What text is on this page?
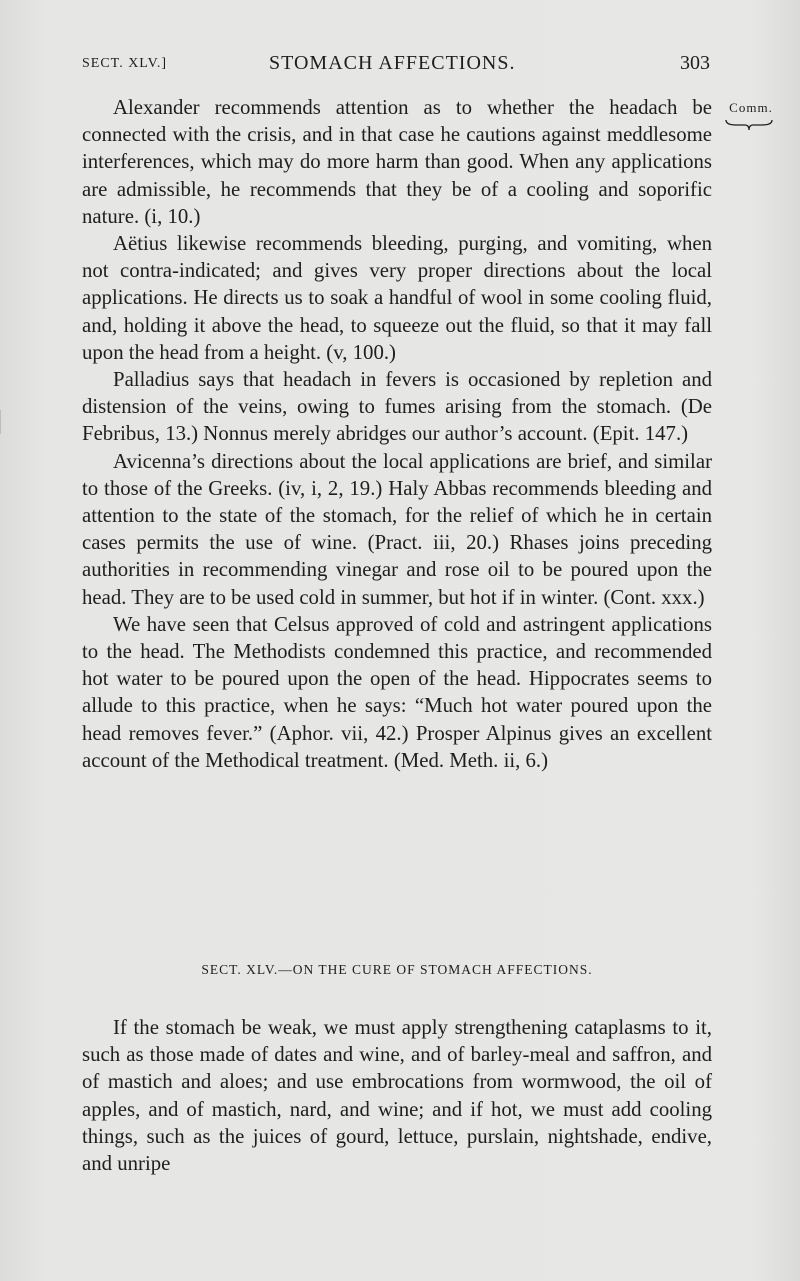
SECT. XLV.]	STOMACH AFFECTIONS.	303
Comm.

Alexander recommends attention as to whether the headach be connected with the crisis, and in that case he cautions against meddlesome interferences, which may do more harm than good. When any applications are admissible, he recommends that they be of a cooling and soporific nature. (i, 10.)

Aëtius likewise recommends bleeding, purging, and vomiting, when not contra-indicated; and gives very proper directions about the local applications. He directs us to soak a handful of wool in some cooling fluid, and, holding it above the head, to squeeze out the fluid, so that it may fall upon the head from a height. (v, 100.)

Palladius says that headach in fevers is occasioned by repletion and distension of the veins, owing to fumes arising from the stomach. (De Febribus, 13.) Nonnus merely abridges our author’s account. (Epit. 147.)

Avicenna’s directions about the local applications are brief, and similar to those of the Greeks. (iv, i, 2, 19.) Haly Abbas recommends bleeding and attention to the state of the stomach, for the relief of which he in certain cases permits the use of wine. (Pract. iii, 20.) Rhases joins preceding authorities in recommending vinegar and rose oil to be poured upon the head. They are to be used cold in summer, but hot if in winter. (Cont. xxx.)

We have seen that Celsus approved of cold and astringent applications to the head. The Methodists condemned this practice, and recommended hot water to be poured upon the open of the head. Hippocrates seems to allude to this practice, when he says: “Much hot water poured upon the head removes fever.” (Aphor. vii, 42.) Prosper Alpinus gives an excellent account of the Methodical treatment. (Med. Meth. ii, 6.)

SECT. XLV.—ON THE CURE OF STOMACH AFFECTIONS.

If the stomach be weak, we must apply strengthening cataplasms to it, such as those made of dates and wine, and of barley-meal and saffron, and of mastich and aloes; and use embrocations from wormwood, the oil of apples, and of mastich, nard, and wine; and if hot, we must add cooling things, such as the juices of gourd, lettuce, purslain, nightshade, endive, and unripe
